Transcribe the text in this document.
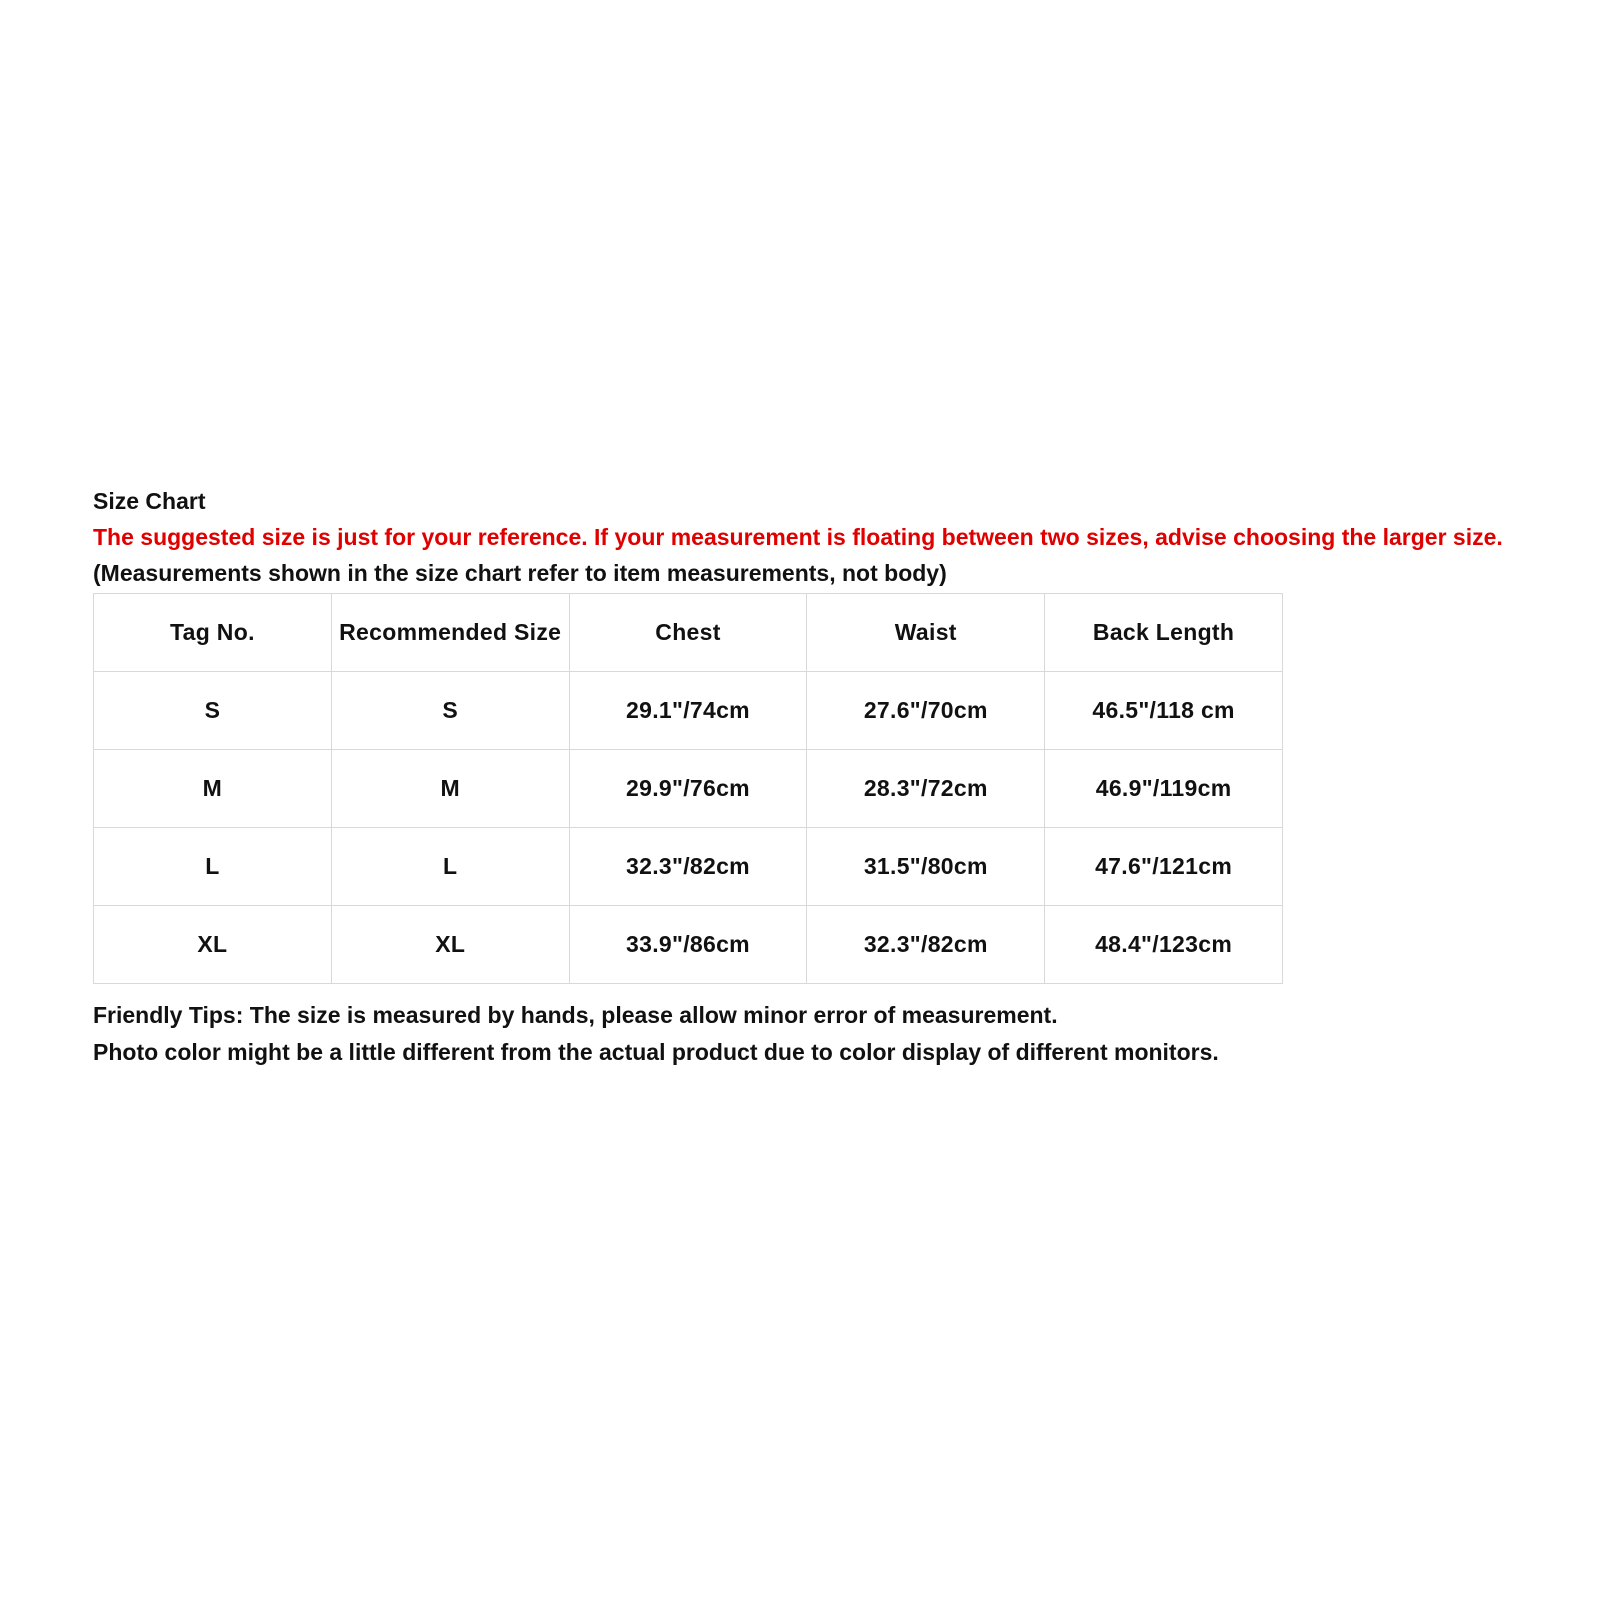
Size Chart

The suggested size is just for your reference. If your measurement is floating between two sizes, advise choosing the larger size.

(Measurements shown in the size chart refer to item measurements, not body)

Tag No.	Recommended Size	Chest	Waist	Back Length
S	S	29.1"/74cm	27.6"/70cm	46.5"/118 cm
M	M	29.9"/76cm	28.3"/72cm	46.9"/119cm
L	L	32.3"/82cm	31.5"/80cm	47.6"/121cm
XL	XL	33.9"/86cm	32.3"/82cm	48.4"/123cm

Friendly Tips: The size is measured by hands, please allow minor error of measurement.

Photo color might be a little different from the actual product due to color display of different monitors.
